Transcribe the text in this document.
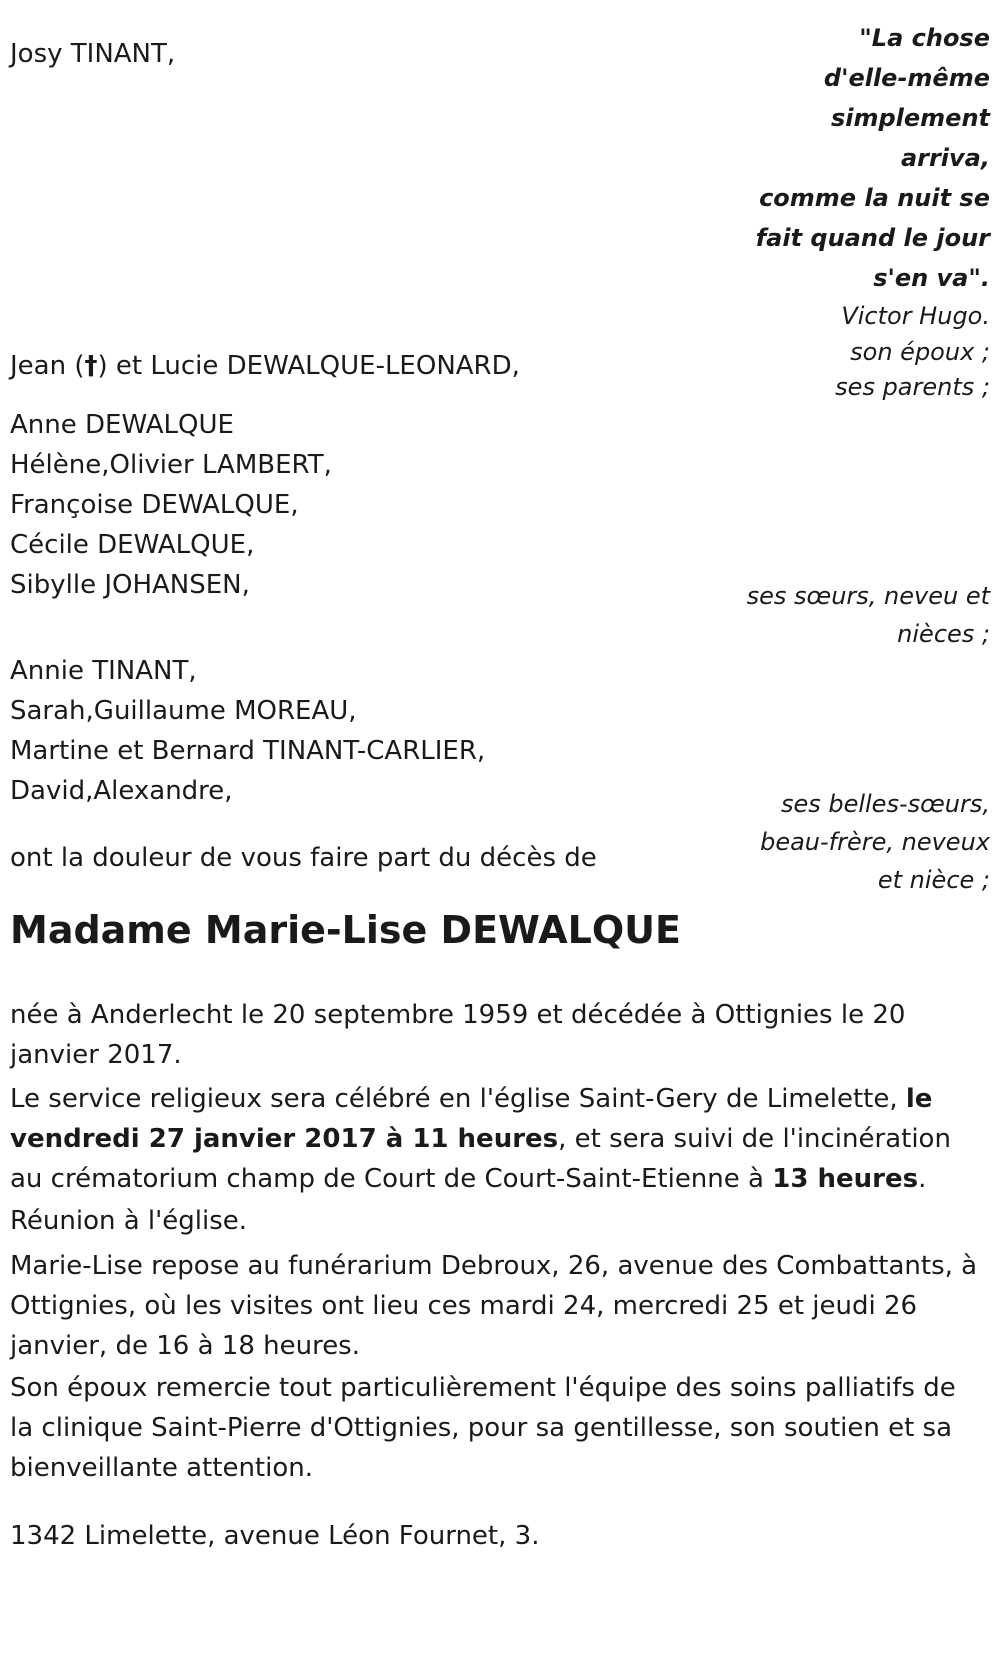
Josy TINANT,
"La chose
d'elle-même
simplement
arriva,
comme la nuit se
fait quand le jour
s'en va".
Victor Hugo.
son époux ;
Jean (†) et Lucie DEWALQUE-LEONARD,
ses parents ;
Anne DEWALQUE
Hélène,Olivier LAMBERT,
Françoise DEWALQUE,
Cécile DEWALQUE,
Sibylle JOHANSEN,	ses sœurs, neveu et
nièces ;
Annie TINANT,
Sarah,Guillaume MOREAU,
Martine et Bernard TINANT-CARLIER,
David,Alexandre,	ses belles-sœurs,
beau-frère, neveux
et nièce ;
ont la douleur de vous faire part du décès de
Madame Marie-Lise DEWALQUE
née à Anderlecht le 20 septembre 1959 et décédée à Ottignies le 20 janvier 2017.
Le service religieux sera célébré en l'église Saint-Gery de Limelette, le vendredi 27 janvier 2017 à 11 heures, et sera suivi de l'incinération au crématorium champ de Court de Court-Saint-Etienne à 13 heures.
Réunion à l'église.
Marie-Lise repose au funérarium Debroux, 26, avenue des Combattants, à Ottignies, où les visites ont lieu ces mardi 24, mercredi 25 et jeudi 26 janvier, de 16 à 18 heures.
Son époux remercie tout particulièrement l'équipe des soins palliatifs de la clinique Saint-Pierre d'Ottignies, pour sa gentillesse, son soutien et sa bienveillante attention.
1342 Limelette, avenue Léon Fournet, 3.
